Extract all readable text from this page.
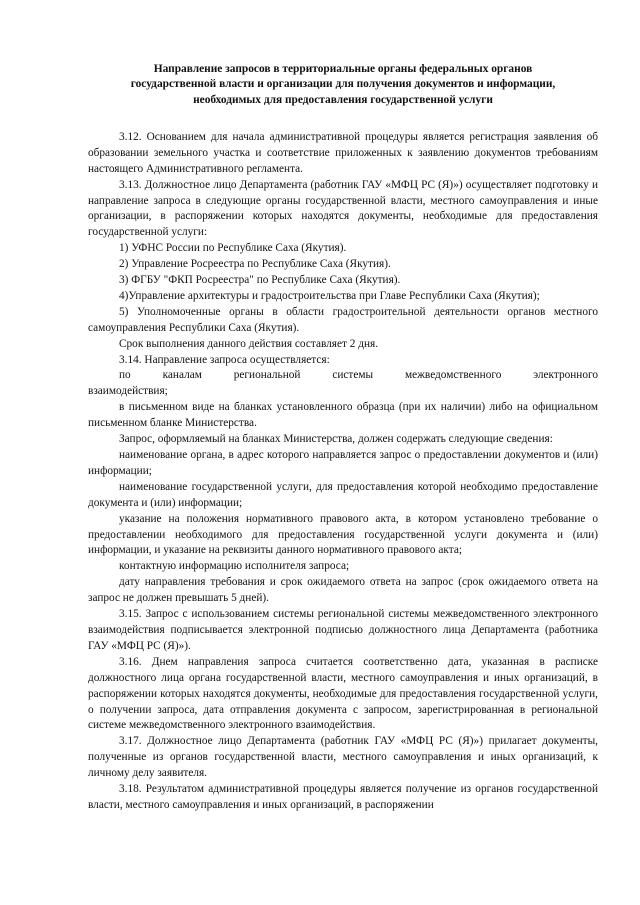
Направление запросов в территориальные органы федеральных органов
государственной власти и организации для получения документов и информации,
необходимых для предоставления государственной услуги

3.12. Основанием для начала административной процедуры является регистрация заявления об образовании земельного участка и соответствие приложенных к заявлению документов требованиям настоящего Административного регламента.

3.13. Должностное лицо Департамента (работник ГАУ «МФЦ РС (Я)») осуществляет подготовку и направление запроса в следующие органы государственной власти, местного самоуправления и иные организации, в распоряжении которых находятся документы, необходимые для предоставления государственной услуги:

1) УФНС России по Республике Саха (Якутия).

2) Управление Росреестра по Республике Саха (Якутия).

3) ФГБУ "ФКП Росреестра" по Республике Саха (Якутия).

4)Управление архитектуры и градостроительства при Главе Республики Саха (Якутия);

5) Уполномоченные органы в области градостроительной деятельности органов местного самоуправления Республики Саха (Якутия).

Срок выполнения данного действия составляет 2 дня.

3.14. Направление запроса осуществляется:

по каналам региональной системы межведомственного электронного

взаимодействия;

в письменном виде на бланках установленного образца (при их наличии) либо на официальном письменном бланке Министерства.

Запрос, оформляемый на бланках Министерства, должен содержать следующие сведения:

наименование органа, в адрес которого направляется запрос о предоставлении документов и (или) информации;

наименование государственной услуги, для предоставления которой необходимо предоставление документа и (или) информации;

указание на положения нормативного правового акта, в котором установлено требование о предоставлении необходимого для предоставления государственной услуги документа и (или) информации, и указание на реквизиты данного нормативного правового акта;

контактную информацию исполнителя запроса;

дату направления требования и срок ожидаемого ответа на запрос (срок ожидаемого ответа на запрос не должен превышать 5 дней).

3.15. Запрос с использованием системы региональной системы межведомственного электронного взаимодействия подписывается электронной подписью должностного лица Департамента (работника ГАУ «МФЦ РС (Я)»).

3.16. Днем направления запроса считается соответственно дата, указанная в расписке должностного лица органа государственной власти, местного самоуправления и иных организаций, в распоряжении которых находятся документы, необходимые для предоставления государственной услуги, о получении запроса, дата отправления документа с запросом, зарегистрированная в региональной системе межведомственного электронного взаимодействия.

3.17. Должностное лицо Департамента (работник ГАУ «МФЦ РС (Я)») прилагает документы, полученные из органов государственной власти, местного самоуправления и иных организаций, к личному делу заявителя.

3.18. Результатом административной процедуры является получение из органов государственной власти, местного самоуправления и иных организаций, в распоряжении
